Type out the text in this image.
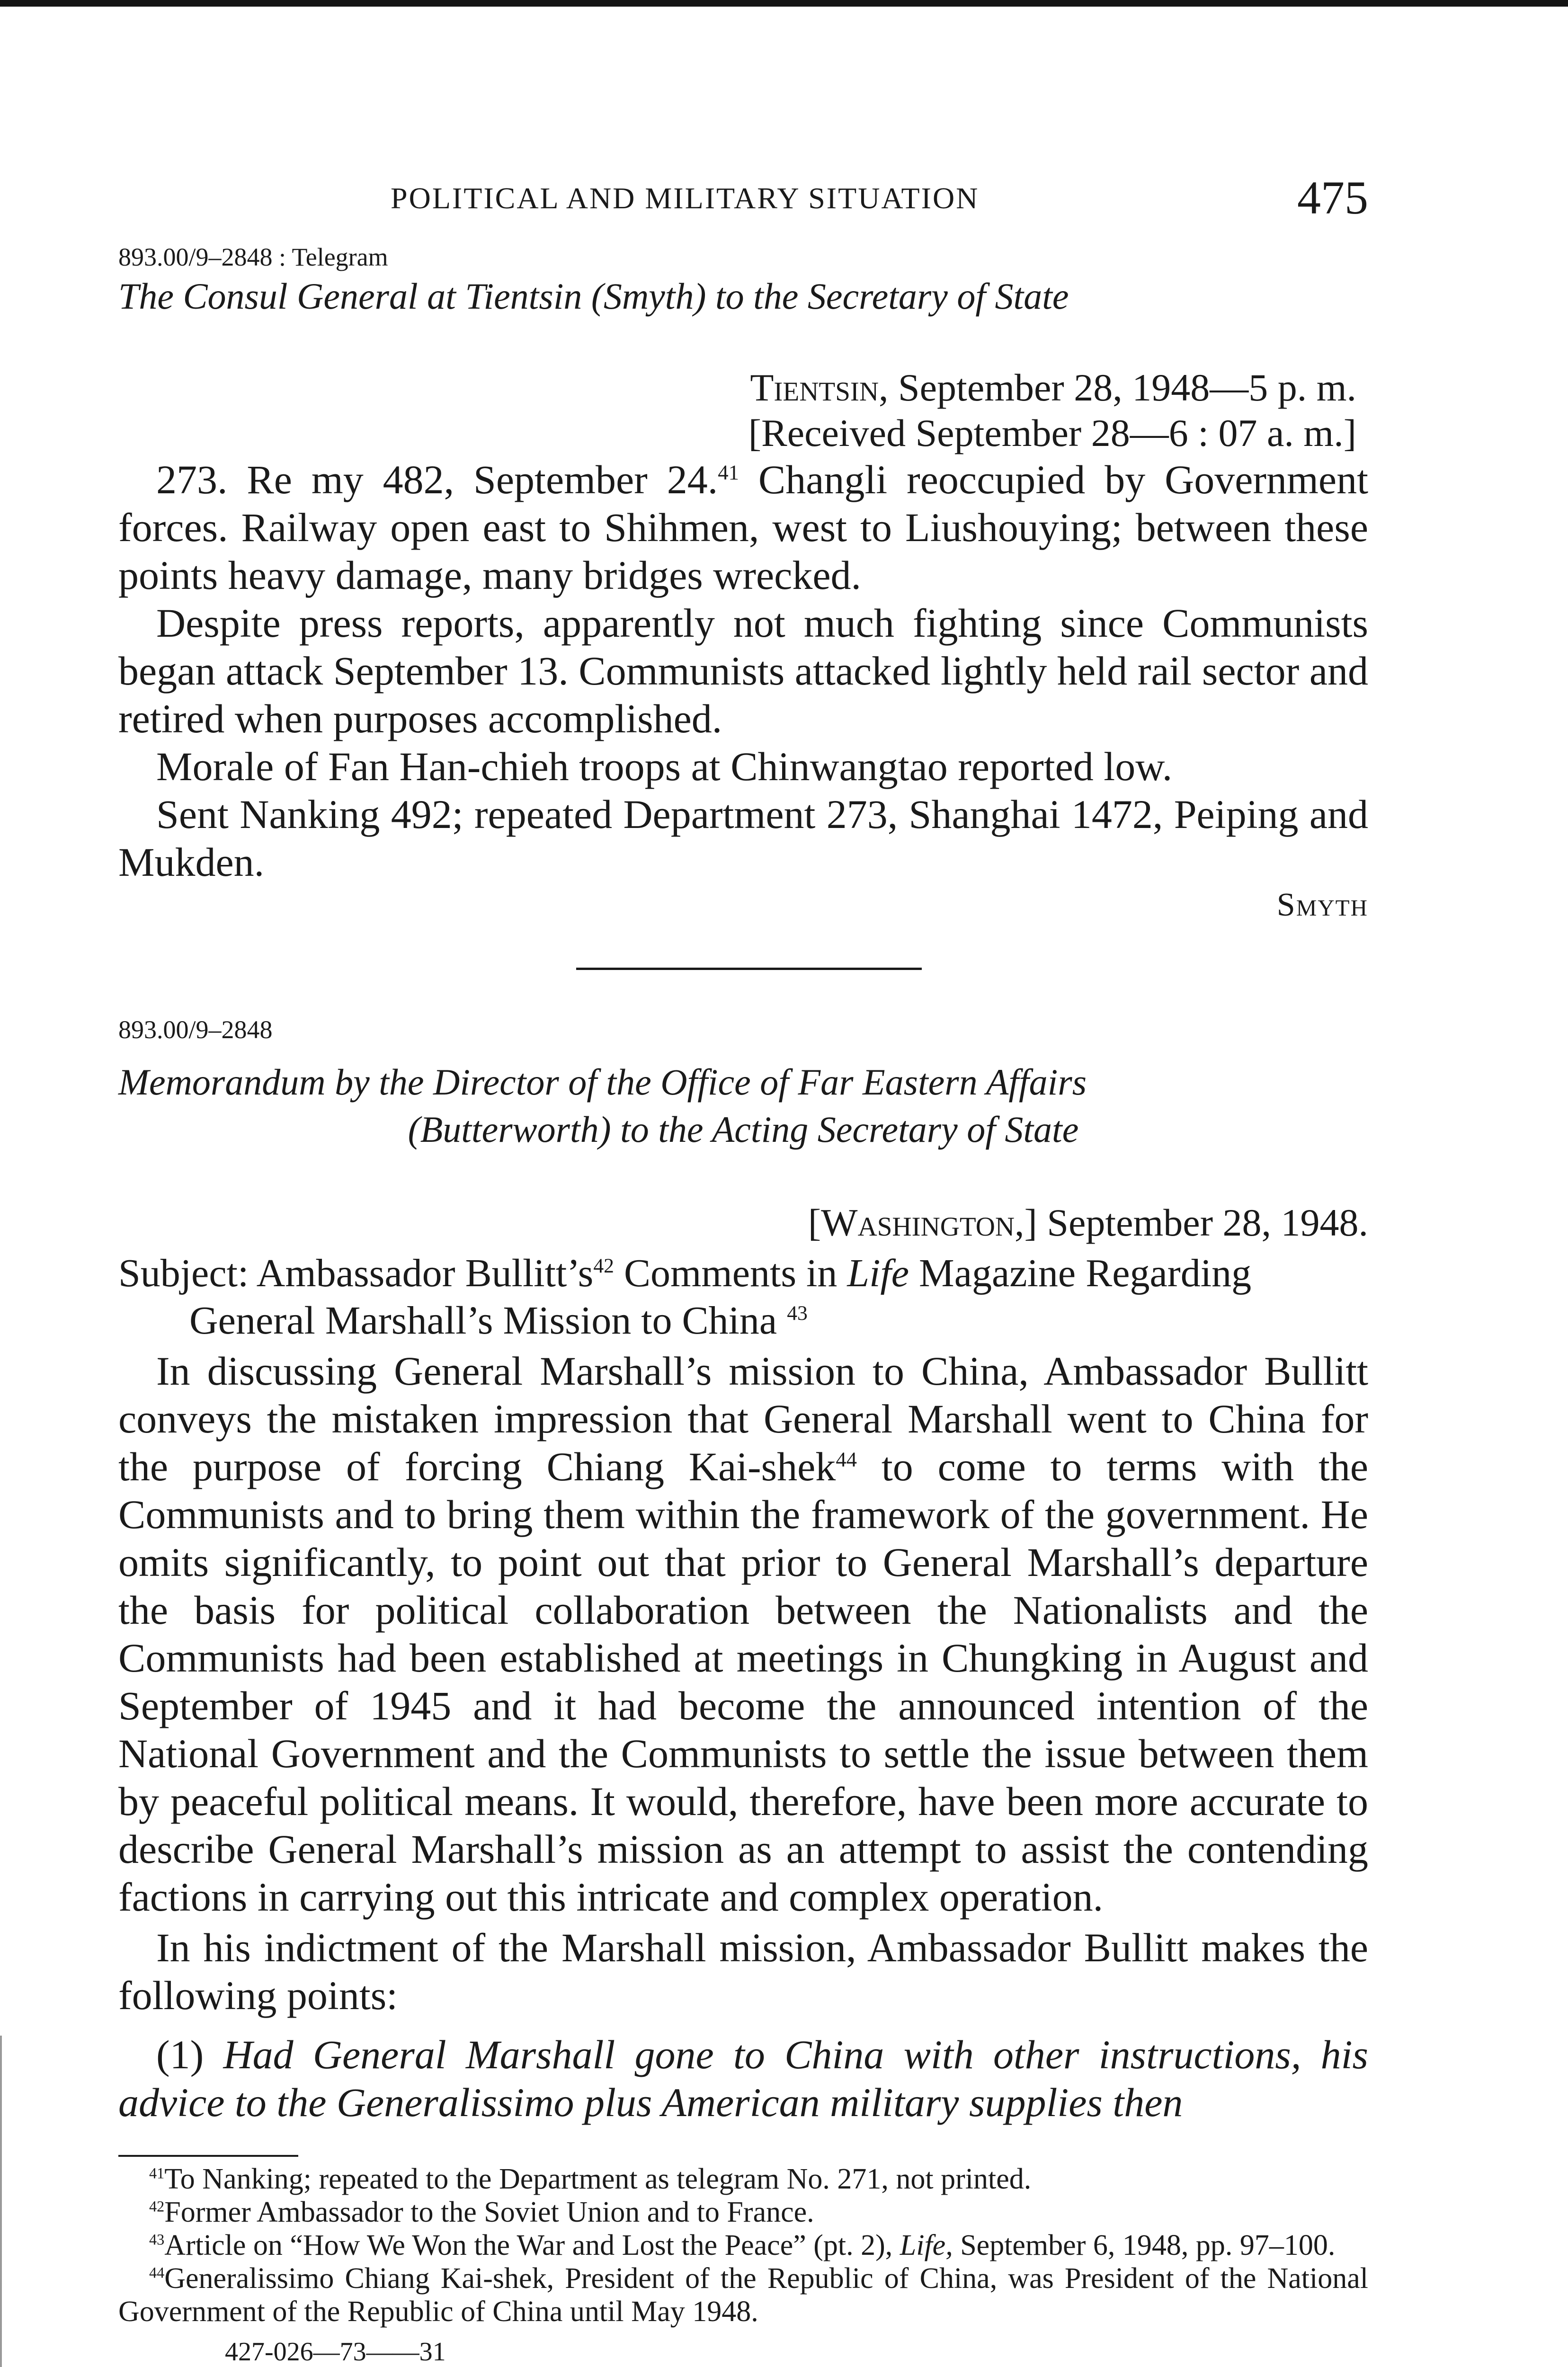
POLITICAL AND MILITARY SITUATION	475

893.00/9–2848 : Telegram

The Consul General at Tientsin (Smyth) to the Secretary of State

Tientsin, September 28, 1948—5 p. m.
[Received September 28—6 : 07 a. m.]

273. Re my 482, September 24.41 Changli reoccupied by Government forces. Railway open east to Shihmen, west to Liushouying; between these points heavy damage, many bridges wrecked.

Despite press reports, apparently not much fighting since Communists began attack September 13. Communists attacked lightly held rail sector and retired when purposes accomplished.

Morale of Fan Han-chieh troops at Chinwangtao reported low.

Sent Nanking 492; repeated Department 273, Shanghai 1472, Peiping and Mukden.

Smyth

893.00/9–2848

Memorandum by the Director of the Office of Far Eastern Affairs

(Butterworth) to the Acting Secretary of State

[Washington,] September 28, 1948.

Subject: Ambassador $Bullitt’s^{42}$ Comments in Life Magazine Regarding General Marshall’s Mission to China $^{43}$

In discussing General Marshall’s mission to China, Ambassador Bullitt conveys the mistaken impression that General Marshall went to China for the purpose of forcing Chiang Kai-shek$^{44}$ to come to terms with the Communists and to bring them within the framework of the government. He omits significantly, to point out that prior to General Marshall’s departure the basis for political collaboration between the Nationalists and the Communists had been established at meetings in Chungking in August and September of 1945 and it had become the announced intention of the National Government and the Communists to settle the issue between them by peaceful political means. It would, therefore, have been more accurate to describe General Marshall’s mission as an attempt to assist the contending factions in carrying out this intricate and complex operation.

In his indictment of the Marshall mission, Ambassador Bullitt makes the following points:

(1) Had General Marshall gone to China with other instructions, his advice to the Generalissimo plus American military supplies then

$^{41}$To Nanking; repeated to the Department as telegram No. 271, not printed.

$^{42}$Former Ambassador to the Soviet Union and to France.

$^{43}$Article on “How We Won the War and Lost the Peace” (pt. 2), Life, September 6, 1948, pp. 97–100.

$^{44}$Generalissimo Chiang Kai-shek, President of the Republic of China, was President of the National Government of the Republic of China until May 1948.

427-026—73——31
